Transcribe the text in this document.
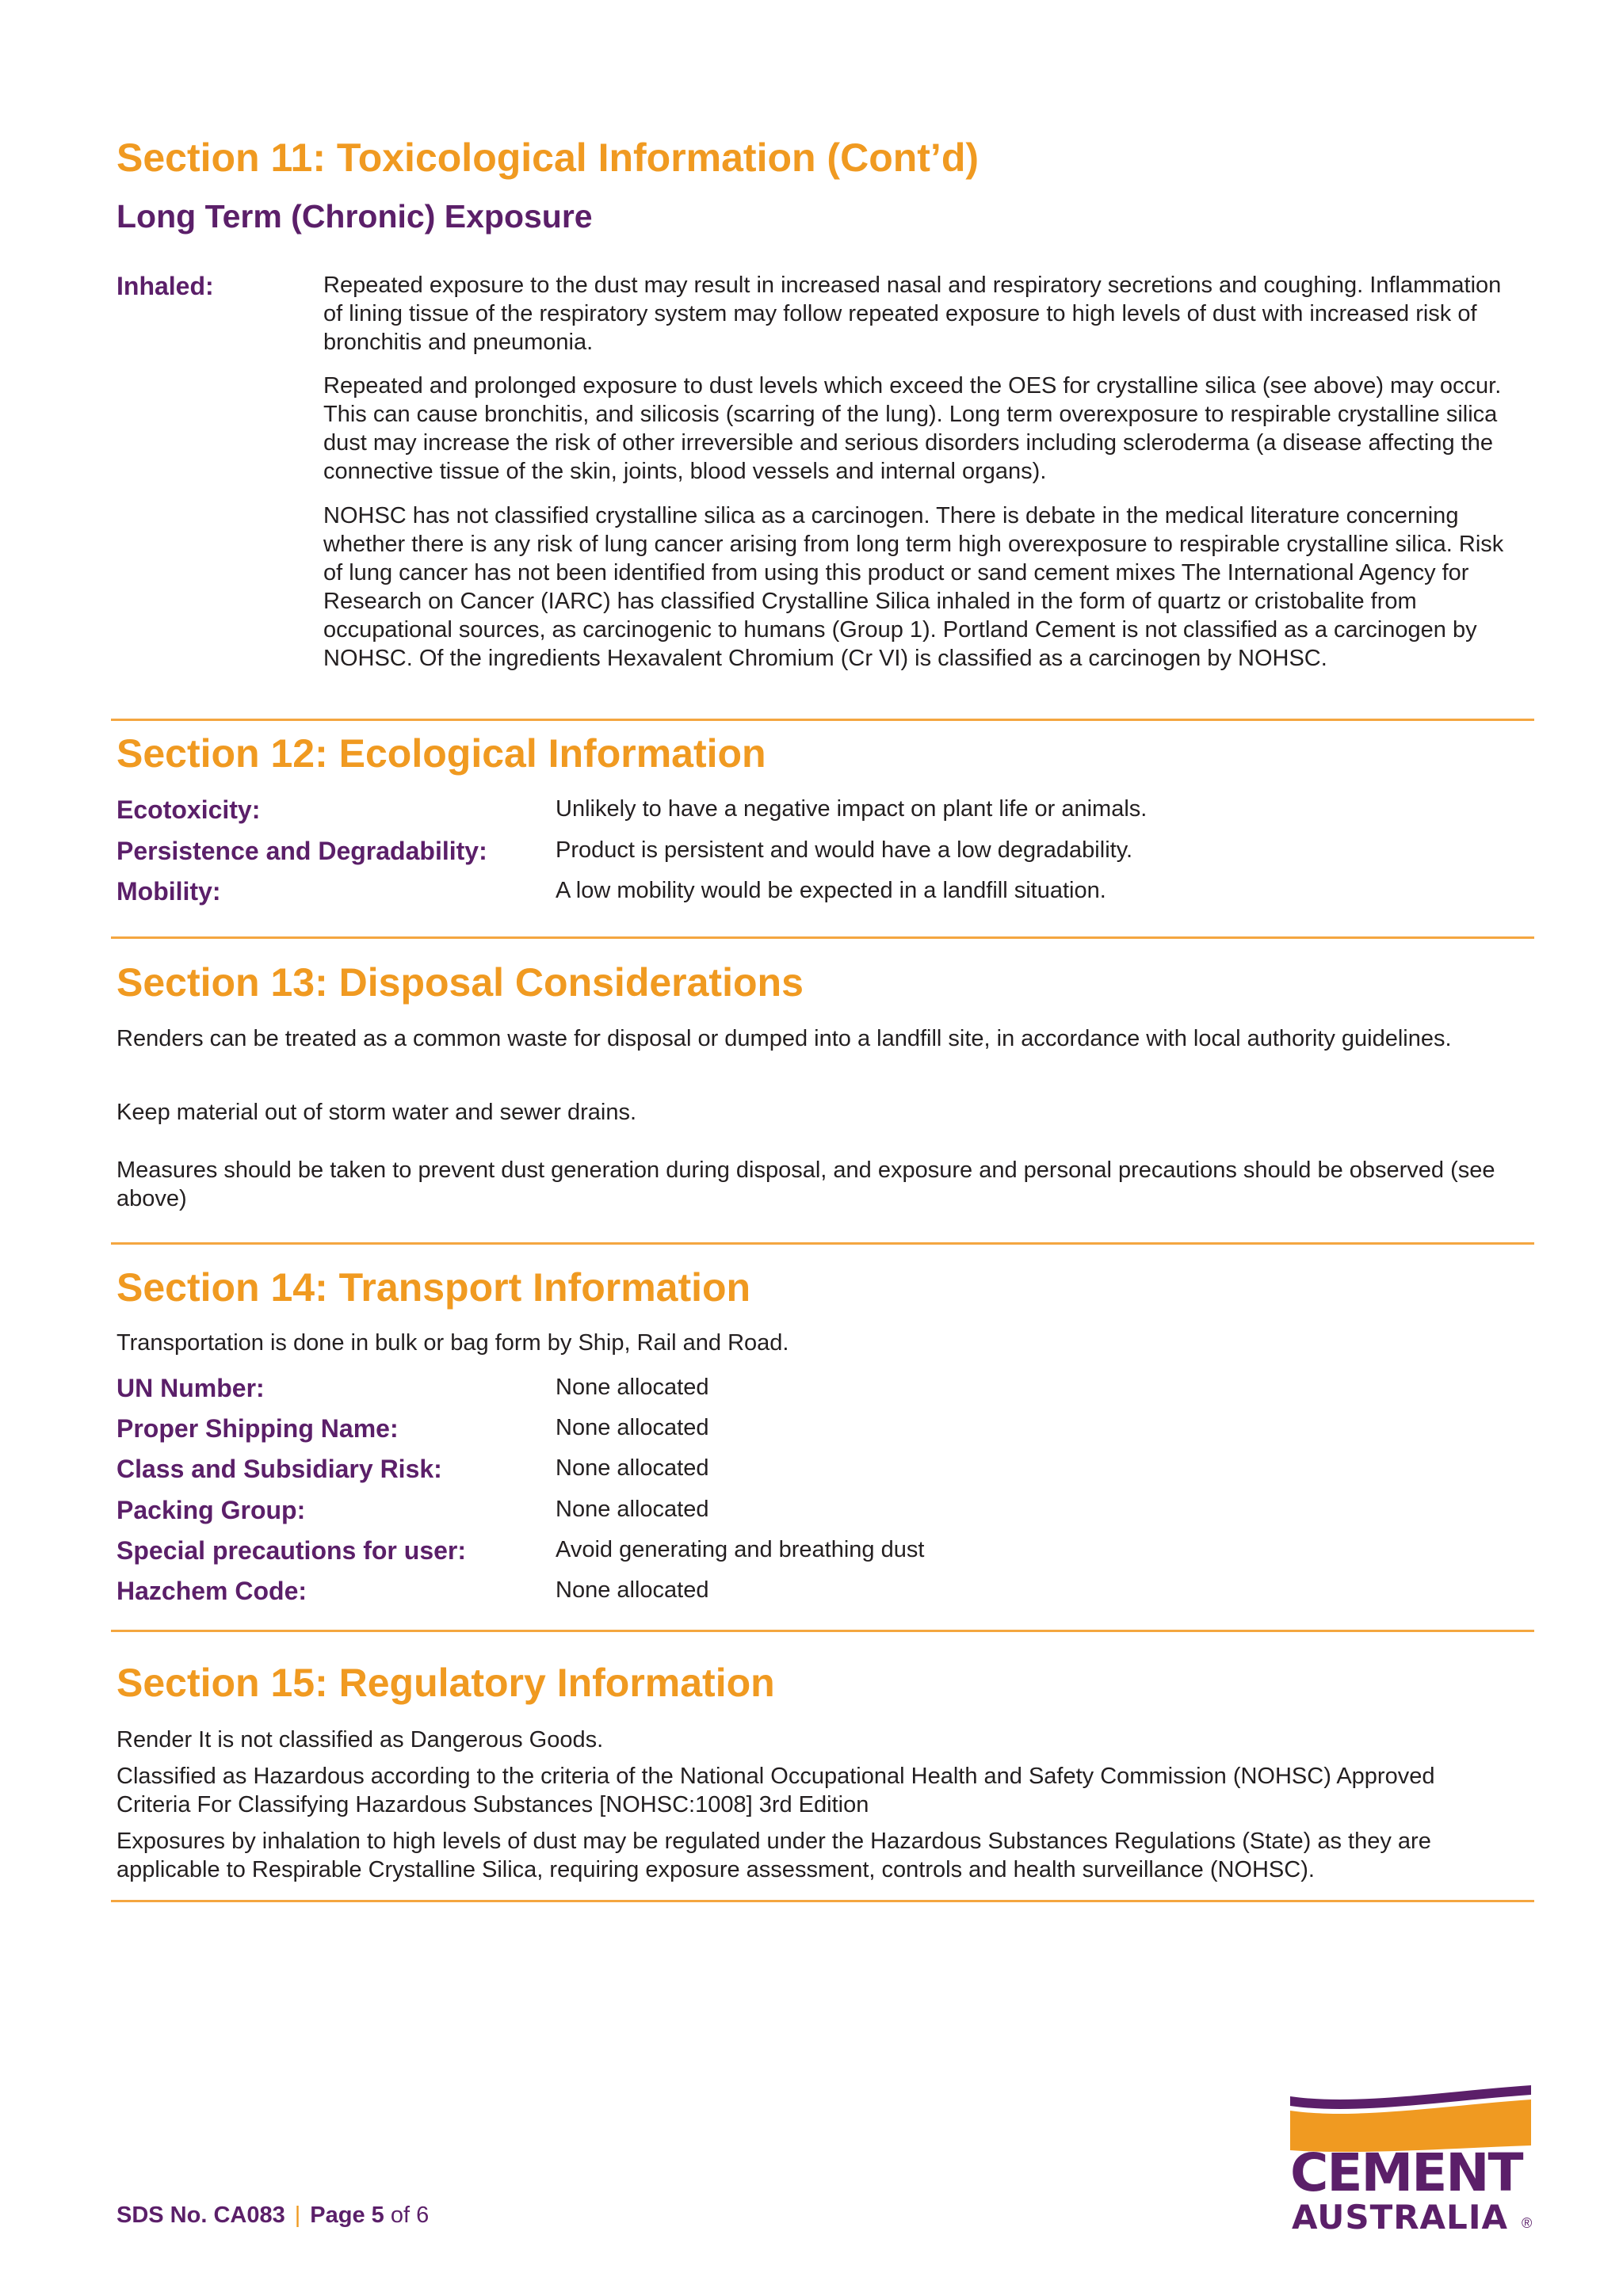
Section 11: Toxicological Information (Cont’d)
Long Term (Chronic) Exposure
Inhaled:	Repeated exposure to the dust may result in increased nasal and respiratory secretions and coughing. Inflammation of lining tissue of the respiratory system may follow repeated exposure to high levels of dust with increased risk of bronchitis and pneumonia.
Repeated and prolonged exposure to dust levels which exceed the OES for crystalline silica (see above) may occur. This can cause bronchitis, and silicosis (scarring of the lung). Long term overexposure to respirable crystalline silica dust may increase the risk of other irreversible and serious disorders including scleroderma (a disease affecting the connective tissue of the skin, joints, blood vessels and internal organs).
NOHSC has not classified crystalline silica as a carcinogen. There is debate in the medical literature concerning whether there is any risk of lung cancer arising from long term high overexposure to respirable crystalline silica. Risk of lung cancer has not been identified from using this product or sand cement mixes The International Agency for Research on Cancer (IARC) has classified Crystalline Silica inhaled in the form of quartz or cristobalite from occupational sources, as carcinogenic to humans (Group 1). Portland Cement is not classified as a carcinogen by NOHSC. Of the ingredients Hexavalent Chromium (Cr VI) is classified as a carcinogen by NOHSC.
Section 12: Ecological Information
Ecotoxicity:	Unlikely to have a negative impact on plant life or animals.
Persistence and Degradability:	Product is persistent and would have a low degradability.
Mobility:	A low mobility would be expected in a landfill situation.
Section 13: Disposal Considerations
Renders can be treated as a common waste for disposal or dumped into a landfill site, in accordance with local authority guidelines.
Keep material out of storm water and sewer drains.
Measures should be taken to prevent dust generation during disposal, and exposure and personal precautions should be observed (see above)
Section 14: Transport Information
Transportation is done in bulk or bag form by Ship, Rail and Road.
UN Number:	None allocated
Proper Shipping Name:	None allocated
Class and Subsidiary Risk:	None allocated
Packing Group:	None allocated
Special precautions for user:	Avoid generating and breathing dust
Hazchem Code:	None allocated
Section 15: Regulatory Information
Render It is not classified as Dangerous Goods.
Classified as Hazardous according to the criteria of the National Occupational Health and Safety Commission (NOHSC) Approved Criteria For Classifying Hazardous Substances [NOHSC:1008] 3rd Edition
Exposures by inhalation to high levels of dust may be regulated under the Hazardous Substances Regulations (State) as they are applicable to Respirable Crystalline Silica, requiring exposure assessment, controls and health surveillance (NOHSC).
CEMENT
AUSTRALIA ®
SDS No. CA083 | Page 5 of 6
